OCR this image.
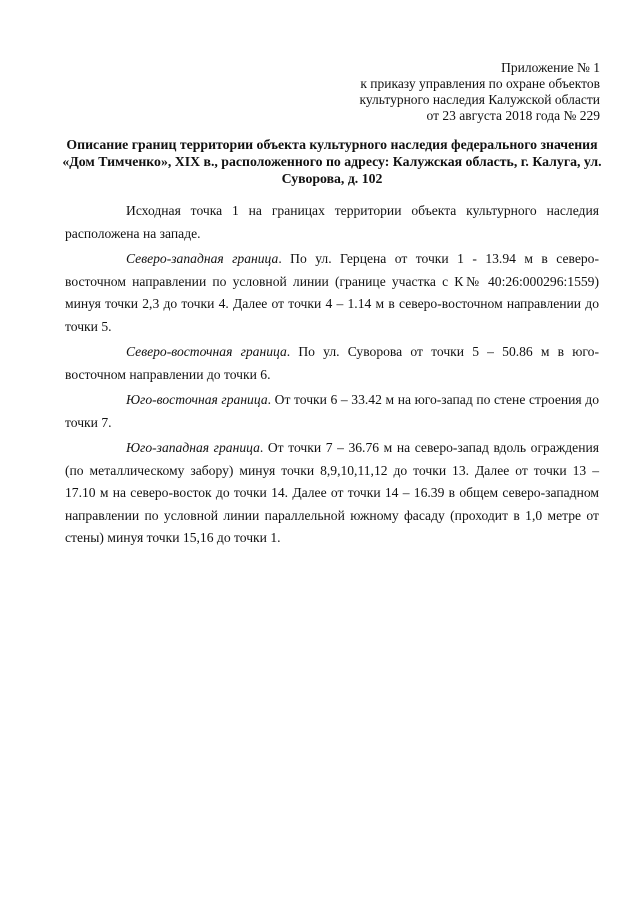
Приложение № 1
к приказу управления по охране объектов
культурного наследия Калужской области
от 23 августа 2018 года № 229
Описание границ территории объекта культурного наследия федерального значения «Дом Тимченко», XIX в., расположенного по адресу: Калужская область, г. Калуга, ул. Суворова, д. 102

Исходная точка 1 на границах территории объекта культурного наследия расположена на западе.

Северо-западная граница. По ул. Герцена от точки 1 - 13.94 м в северо-восточном направлении по условной линии (границе участка с К№ 40:26:000296:1559) минуя точки 2,3 до точки 4. Далее от точки 4 – 1.14 м в северо-восточном направлении до точки 5.

Северо-восточная граница. По ул. Суворова от точки 5 – 50.86 м в юго-восточном направлении до точки 6.

Юго-восточная граница. От точки 6 – 33.42 м на юго-запад по стене строения до точки 7.

Юго-западная граница. От точки 7 – 36.76 м на северо-запад вдоль ограждения (по металлическому забору) минуя точки 8,9,10,11,12 до точки 13. Далее от точки 13 – 17.10 м на северо-восток до точки 14. Далее от точки 14 – 16.39 в общем северо-западном направлении по условной линии параллельной южному фасаду (проходит в 1,0 метре от стены) минуя точки 15,16 до точки 1.
